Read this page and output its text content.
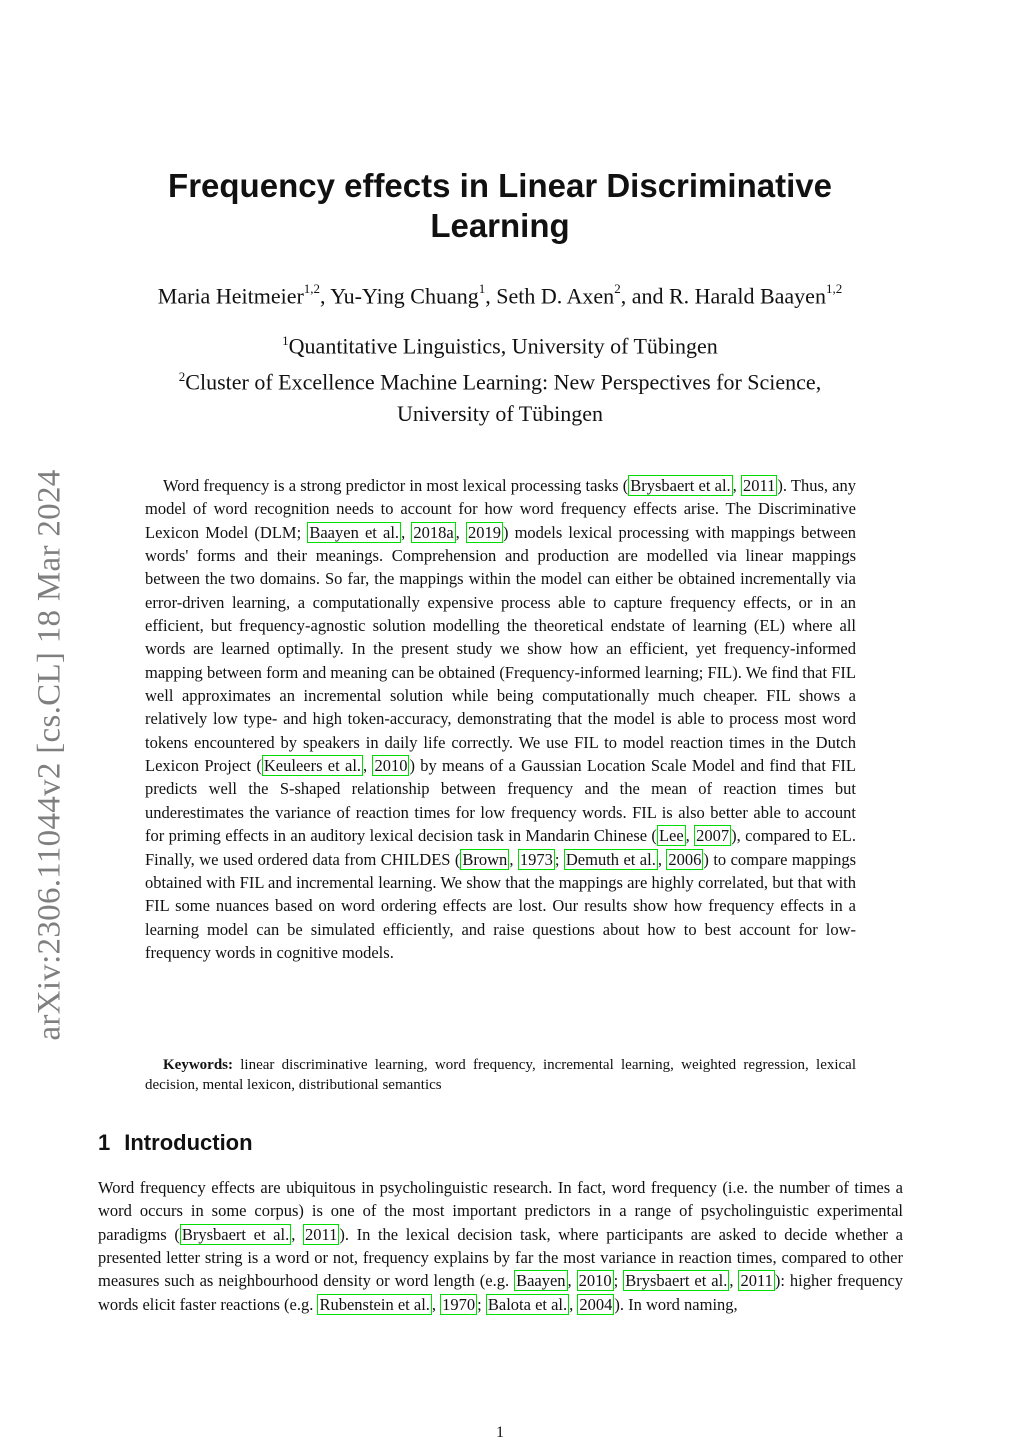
arXiv:2306.11044v2 [cs.CL] 18 Mar 2024
Frequency effects in Linear Discriminative Learning
Maria Heitmeier$^{1,2}$, Yu-Ying Chuang$^1$, Seth D. Axen$^2$, and R. Harald Baayen$^{1,2}$
$^1$Quantitative Linguistics, University of Tübingen
$^2$Cluster of Excellence Machine Learning: New Perspectives for Science,
University of Tübingen

Word frequency is a strong predictor in most lexical processing tasks ( Brysbaert et al. , 2011 ). Thus, any model of word recognition needs to account for how word frequency effects arise. The Discriminative Lexicon Model (DLM; Baayen et al. , 2018a , 2019 ) models lexical processing with mappings between words' forms and their meanings. Comprehension and production are modelled via linear mappings between the two domains. So far, the mappings within the model can either be obtained incrementally via error-driven learning, a computationally expensive process able to capture frequency effects, or in an efficient, but frequency-agnostic solution modelling the theoretical endstate of learning (EL) where all words are learned optimally. In the present study we show how an efficient, yet frequency-informed mapping between form and meaning can be obtained (Frequency-informed learning; FIL). We find that FIL well approximates an incremental solution while being computationally much cheaper. FIL shows a relatively low type- and high token-accuracy, demonstrating that the model is able to process most word tokens encountered by speakers in daily life correctly. We use FIL to model reaction times in the Dutch Lexicon Project ( Keuleers et al. , 2010 ) by means of a Gaussian Location Scale Model and find that FIL predicts well the S-shaped relationship between frequency and the mean of reaction times but underestimates the variance of reaction times for low frequency words. FIL is also better able to account for priming effects in an auditory lexical decision task in Mandarin Chinese ( Lee , 2007 ), compared to EL. Finally, we used ordered data from CHILDES ( Brown , 1973 ; Demuth et al. , 2006 ) to compare mappings obtained with FIL and incremental learning. We show that the mappings are highly correlated, but that with FIL some nuances based on word ordering effects are lost. Our results show how frequency effects in a learning model can be simulated efficiently, and raise questions about how to best account for low-frequency words in cognitive models.

Keywords: linear discriminative learning, word frequency, incremental learning, weighted regression, lexical decision, mental lexicon, distributional semantics
1 Introduction

Word frequency effects are ubiquitous in psycholinguistic research. In fact, word frequency (i.e. the number of times a word occurs in some corpus) is one of the most important predictors in a range of psycholinguistic experimental paradigms ( Brysbaert et al. , 2011 ). In the lexical decision task, where participants are asked to decide whether a presented letter string is a word or not, frequency explains by far the most variance in reaction times, compared to other measures such as neighbourhood density or word length (e.g. Baayen , 2010 ; Brysbaert et al. , 2011 ): higher frequency words elicit faster reactions (e.g. Rubenstein et al. , 1970 ; Balota et al. , 2004 ). In word naming,

1
